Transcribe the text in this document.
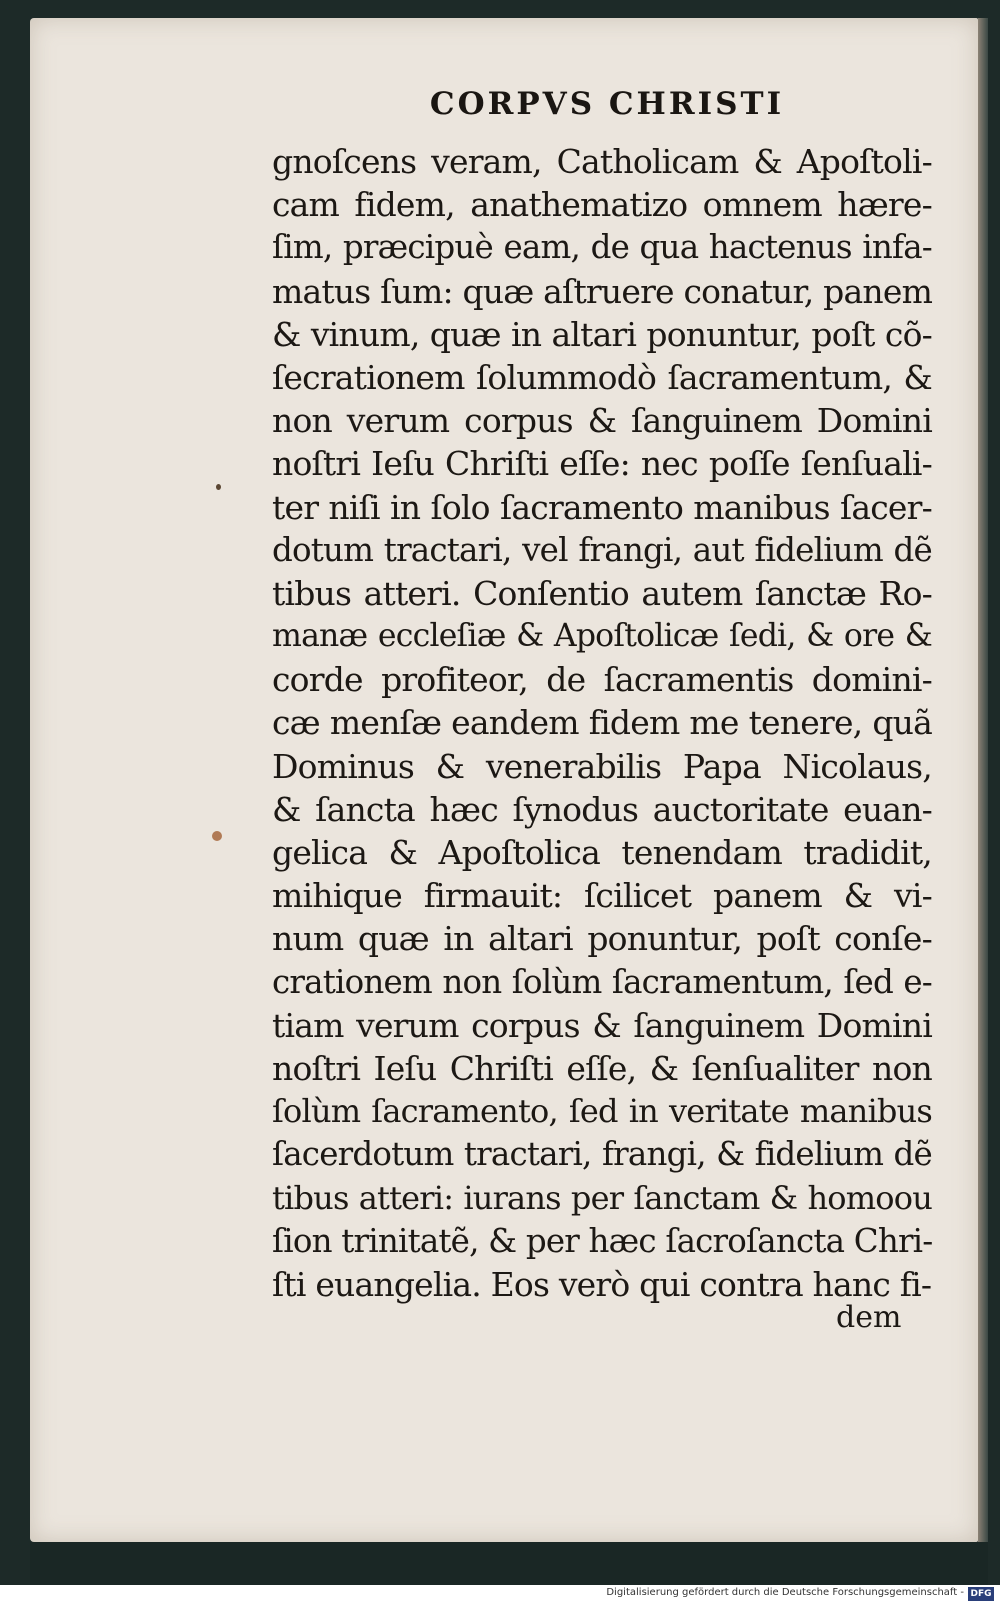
CORPVS CHRISTI
gnoſcens veram, Catholicam & Apoſtoli-
cam fidem, anathematizo omnem hære-
ſim, præcipuè eam, de qua hactenus infa-
matus ſum: quæ aſtruere conatur, panem
& vinum, quæ in altari ponuntur, poſt cõ-
ſecrationem ſolummodò ſacramentum, &
non verum corpus & ſanguinem Domini
noſtri Ieſu Chriſti eſſe: nec poſſe ſenſuali-
ter niſi in ſolo ſacramento manibus ſacer-
dotum tractari, vel frangi, aut fidelium dẽ
tibus atteri. Conſentio autem ſanctæ Ro-
manæ eccleſiæ & Apoſtolicæ ſedi, & ore &
corde profiteor, de ſacramentis domini-
cæ menſæ eandem fidem me tenere, quã
Dominus & venerabilis Papa Nicolaus,
& ſancta hæc ſynodus auctoritate euan-
gelica & Apoſtolica tenendam tradidit,
mihique firmauit: ſcilicet panem & vi-
num quæ in altari ponuntur, poſt conſe-
crationem non ſolùm ſacramentum, ſed e-
tiam verum corpus & ſanguinem Domini
noſtri Ieſu Chriſti eſſe, & ſenſualiter non
ſolùm ſacramento, ſed in veritate manibus
ſacerdotum tractari, frangi, & fidelium dẽ
tibus atteri: iurans per ſanctam & homoou
ſion trinitatẽ, & per hæc ſacroſancta Chri-
ſti euangelia. Eos verò qui contra hanc fi-
dem
Digitalisierung gefördert durch die Deutsche Forschungsgemeinschaft - DFG
